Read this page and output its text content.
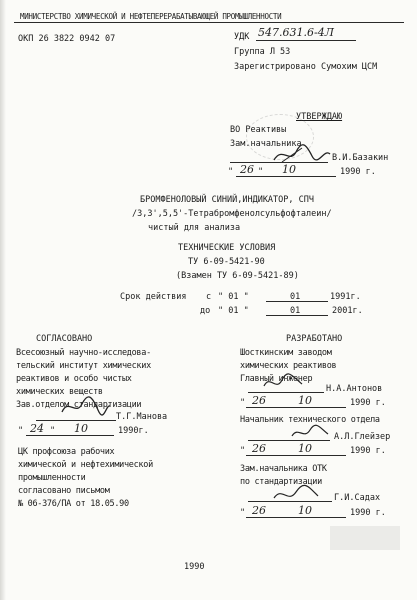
МИНИСТЕРСТВО ХИМИЧЕСКОЙ И НЕФТЕПЕРЕРАБАТЫВАЮЩЕЙ ПРОМЫШЛЕННОСТИ
ОКП 26 3822 0942 07	УДК 547.631.6-4Л
Группа Л 53
Зарегистрировано Сумохим ЦСМ
УТВЕРЖДАЮ
ВО Реактивы
Зам.начальника
В.И.Базакин
" 26 " 10	1990 г.
БРОМФЕНОЛОВЫЙ СИНИЙ,ИНДИКАТОР, СПЧ
/3,3',5,5'-Тетрабромфенолсульфофталеин/
чистый для анализа
ТЕХНИЧЕСКИЕ УСЛОВИЯ
ТУ 6-09-5421-90
(Взамен ТУ 6-09-5421-89)
Срок действия с " 01 "	01	1991г.
до " 01 "	01	2001г.
СОГЛАСОВАНО
Всесоюзный научно-исследова-
тельский институт химических
реактивов и особо чистых
химических веществ
Зав.отделом стандартизации
Т.Г.Манова
" 24 " 10	1990г.
ЦК профсоюза рабочих
химической и нефтехимической
промышленности
согласовано письмом
№ 06-376/ПА от 18.05.90
РАЗРАБОТАНО
Шосткинским заводом
химических реактивов
Главный инженер
Н.А.Антонов
" 26	10	1990 г.
Начальник технического отдела
А.Л.Глейзер
" 26	10	1990 г.
Зам.начальника ОТК
по стандартизации
Г.И.Садах
" 26	10	1990 г.
1990
